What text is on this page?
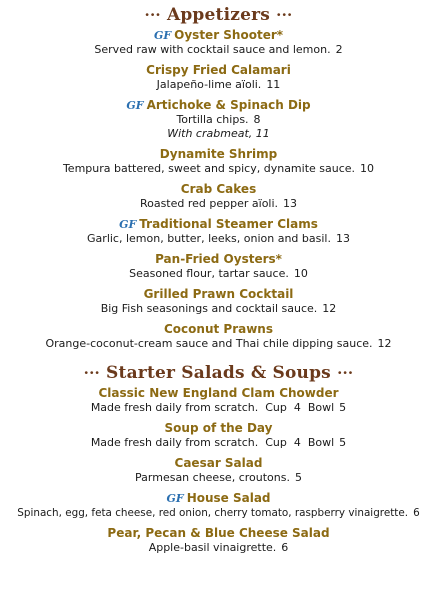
··· Appetizers ···
GF Oyster Shooter*
Served raw with cocktail sauce and lemon. 2
Crispy Fried Calamari
Jalapeño-lime aïoli. 11
GF Artichoke & Spinach Dip
Tortilla chips. 8
With crabmeat, 11
Dynamite Shrimp
Tempura battered, sweet and spicy, dynamite sauce. 10
Crab Cakes
Roasted red pepper aïoli. 13
GF Traditional Steamer Clams
Garlic, lemon, butter, leeks, onion and basil. 13
Pan-Fried Oysters*
Seasoned flour, tartar sauce. 10
Grilled Prawn Cocktail
Big Fish seasonings and cocktail sauce. 12
Coconut Prawns
Orange-coconut-cream sauce and Thai chile dipping sauce. 12
··· Starter Salads & Soups ···
Classic New England Clam Chowder
Made fresh daily from scratch.  Cup  4  Bowl 5
Soup of the Day
Made fresh daily from scratch.  Cup  4  Bowl 5
Caesar Salad
Parmesan cheese, croutons. 5
GF House Salad
Spinach, egg, feta cheese, red onion, cherry tomato, raspberry vinaigrette. 6
Pear, Pecan & Blue Cheese Salad
Apple-basil vinaigrette. 6
